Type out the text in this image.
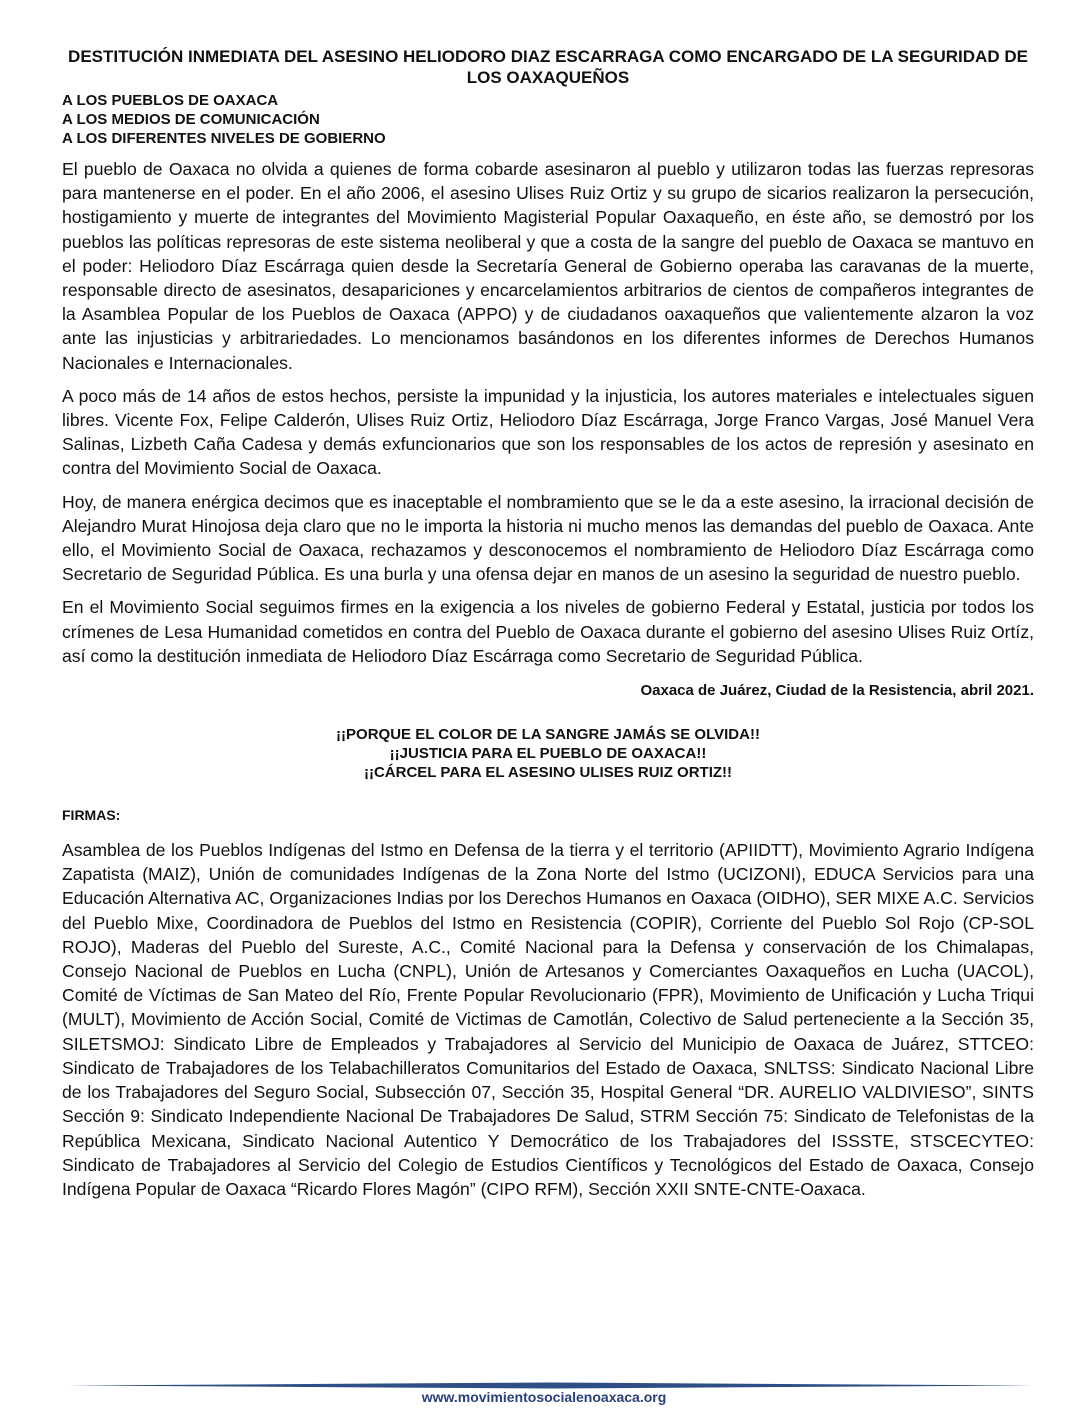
DESTITUCIÓN INMEDIATA DEL ASESINO HELIODORO DIAZ ESCARRAGA COMO ENCARGADO DE LA SEGURIDAD DE LOS OAXAQUEÑOS
A LOS PUEBLOS DE OAXACA
A LOS MEDIOS DE COMUNICACIÓN
A LOS DIFERENTES NIVELES DE GOBIERNO

El pueblo de Oaxaca no olvida a quienes de forma cobarde asesinaron al pueblo y utilizaron todas las fuerzas represoras para mantenerse en el poder. En el año 2006, el asesino Ulises Ruiz Ortiz y su grupo de sicarios realizaron la persecución, hostigamiento y muerte de integrantes del Movimiento Magisterial Popular Oaxaqueño, en éste año, se demostró por los pueblos las políticas represoras de este sistema neoliberal y que a costa de la sangre del pueblo de Oaxaca se mantuvo en el poder: Heliodoro Díaz Escárraga quien desde la Secretaría General de Gobierno operaba las caravanas de la muerte, responsable directo de asesinatos, desapariciones y encarcelamientos arbitrarios de cientos de compañeros integrantes de la Asamblea Popular de los Pueblos de Oaxaca (APPO) y de ciudadanos oaxaqueños que valientemente alzaron la voz ante las injusticias y arbitrariedades. Lo mencionamos basándonos en los diferentes informes de Derechos Humanos Nacionales e Internacionales.

A poco más de 14 años de estos hechos, persiste la impunidad y la injusticia, los autores materiales e intelectuales siguen libres. Vicente Fox, Felipe Calderón, Ulises Ruiz Ortiz, Heliodoro Díaz Escárraga, Jorge Franco Vargas, José Manuel Vera Salinas, Lizbeth Caña Cadesa y demás exfuncionarios que son los responsables de los actos de represión y asesinato en contra del Movimiento Social de Oaxaca.

Hoy, de manera enérgica decimos que es inaceptable el nombramiento que se le da a este asesino, la irracional decisión de Alejandro Murat Hinojosa deja claro que no le importa la historia ni mucho menos las demandas del pueblo de Oaxaca. Ante ello, el Movimiento Social de Oaxaca, rechazamos y desconocemos el nombramiento de Heliodoro Díaz Escárraga como Secretario de Seguridad Pública. Es una burla y una ofensa dejar en manos de un asesino la seguridad de nuestro pueblo.

En el Movimiento Social seguimos firmes en la exigencia a los niveles de gobierno Federal y Estatal, justicia por todos los crímenes de Lesa Humanidad cometidos en contra del Pueblo de Oaxaca durante el gobierno del asesino Ulises Ruiz Ortíz, así como la destitución inmediata de Heliodoro Díaz Escárraga como Secretario de Seguridad Pública.

Oaxaca de Juárez, Ciudad de la Resistencia, abril 2021.
¡¡PORQUE EL COLOR DE LA SANGRE JAMÁS SE OLVIDA!!
¡¡JUSTICIA PARA EL PUEBLO DE OAXACA!!
¡¡CÁRCEL PARA EL ASESINO ULISES RUIZ ORTIZ!!
FIRMAS:
Asamblea de los Pueblos Indígenas del Istmo en Defensa de la tierra y el territorio (APIIDTT), Movimiento Agrario Indígena Zapatista (MAIZ), Unión de comunidades Indígenas de la Zona Norte del Istmo (UCIZONI), EDUCA Servicios para una Educación Alternativa AC, Organizaciones Indias por los Derechos Humanos en Oaxaca (OIDHO), SER MIXE A.C. Servicios del Pueblo Mixe, Coordinadora de Pueblos del Istmo en Resistencia (COPIR), Corriente del Pueblo Sol Rojo (CP-SOL ROJO), Maderas del Pueblo del Sureste, A.C., Comité Nacional para la Defensa y conservación de los Chimalapas, Consejo Nacional de Pueblos en Lucha (CNPL), Unión de Artesanos y Comerciantes Oaxaqueños en Lucha (UACOL), Comité de Víctimas de San Mateo del Río, Frente Popular Revolucionario (FPR), Movimiento de Unificación y Lucha Triqui (MULT), Movimiento de Acción Social, Comité de Victimas de Camotlán, Colectivo de Salud perteneciente a la Sección 35, SILETSMOJ: Sindicato Libre de Empleados y Trabajadores al Servicio del Municipio de Oaxaca de Juárez, STTCEO: Sindicato de Trabajadores de los Telabachilleratos Comunitarios del Estado de Oaxaca, SNLTSS: Sindicato Nacional Libre de los Trabajadores del Seguro Social, Subsección 07, Sección 35, Hospital General “DR. AURELIO VALDIVIESO”, SINTS Sección 9: Sindicato Independiente Nacional De Trabajadores De Salud, STRM Sección 75: Sindicato de Telefonistas de la República Mexicana, Sindicato Nacional Autentico Y Democrático de los Trabajadores del ISSSTE, STSCECYTEO: Sindicato de Trabajadores al Servicio del Colegio de Estudios Científicos y Tecnológicos del Estado de Oaxaca, Consejo Indígena Popular de Oaxaca “Ricardo Flores Magón” (CIPO RFM), Sección XXII SNTE-CNTE-Oaxaca.
www.movimientosocialenoaxaca.org
